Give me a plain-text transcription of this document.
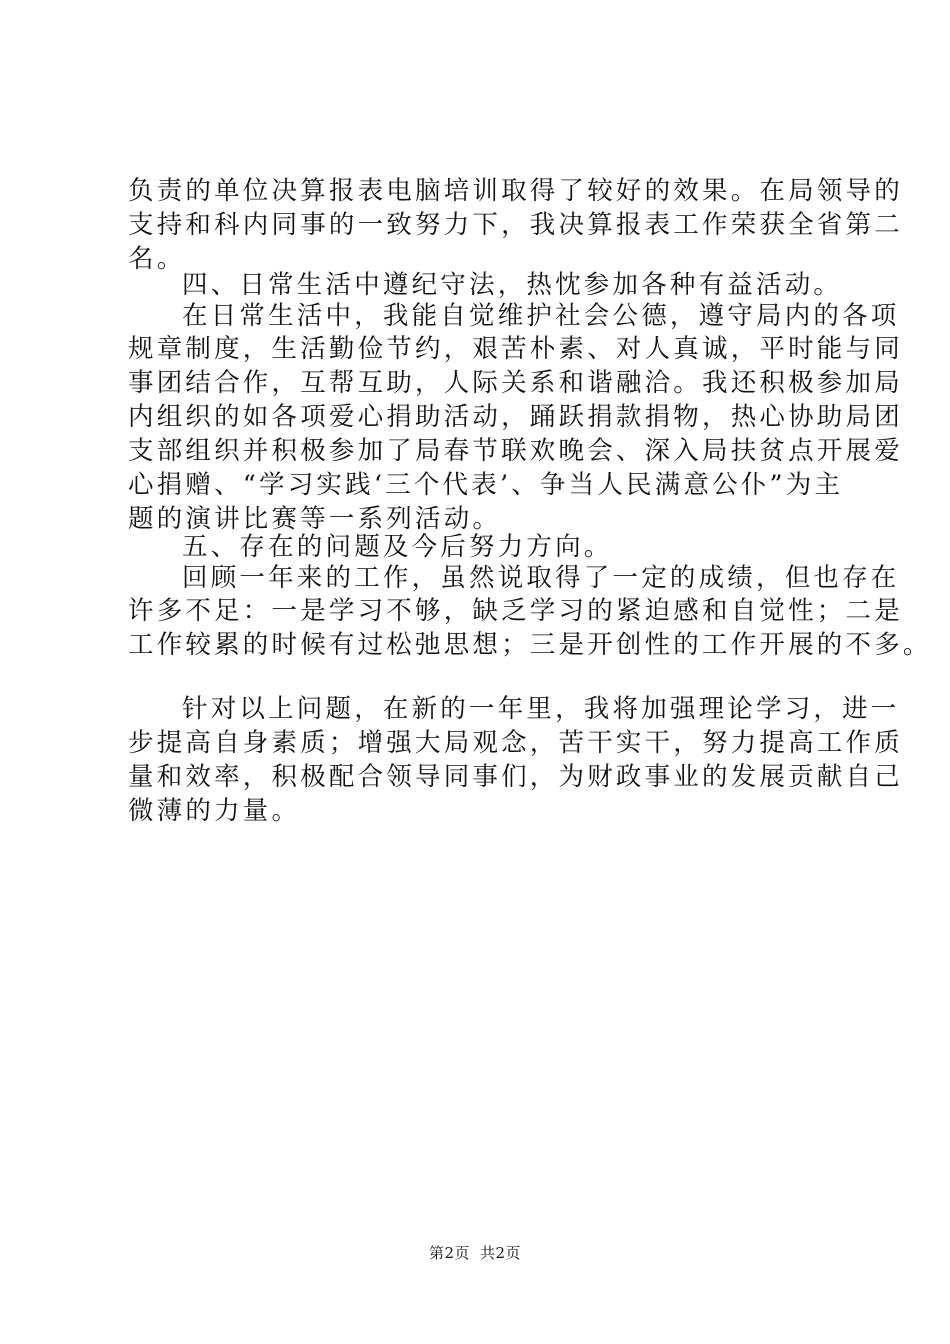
负责的单位决算报表电脑培训取得了较好的效果。在局领导的
支持和科内同事的一致努力下，我决算报表工作荣获全省第二
名。
四、日常生活中遵纪守法，热忱参加各种有益活动。
在日常生活中，我能自觉维护社会公德，遵守局内的各项
规章制度，生活勤俭节约，艰苦朴素、对人真诚，平时能与同
事团结合作，互帮互助，人际关系和谐融洽。我还积极参加局
内组织的如各项爱心捐助活动，踊跃捐款捐物，热心协助局团
支部组织并积极参加了局春节联欢晚会、深入局扶贫点开展爱
心捐赠、“学习实践‘三个代表’、争当人民满意公仆”为主
题的演讲比赛等一系列活动。
五、存在的问题及今后努力方向。
回顾一年来的工作，虽然说取得了一定的成绩，但也存在
许多不足：一是学习不够，缺乏学习的紧迫感和自觉性；二是
工作较累的时候有过松弛思想；三是开创性的工作开展的不多。
针对以上问题，在新的一年里，我将加强理论学习，进一
步提高自身素质；增强大局观念，苦干实干，努力提高工作质
量和效率，积极配合领导同事们，为财政事业的发展贡献自己
微薄的力量。
第2页 共2页
